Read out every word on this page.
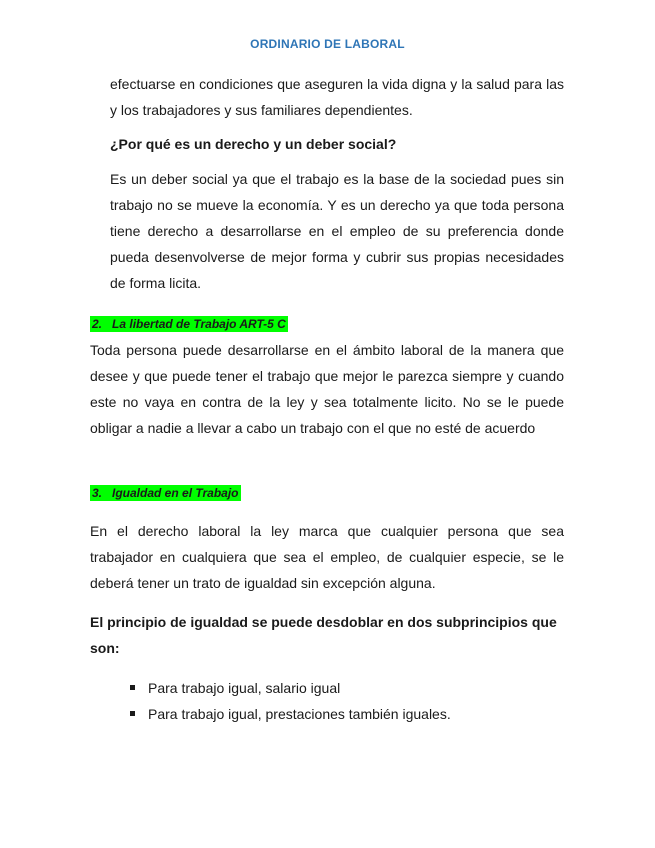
ORDINARIO DE LABORAL
efectuarse en condiciones que aseguren la vida digna y la salud para las y los trabajadores y sus familiares dependientes.
¿Por qué es un derecho y un deber social?
Es un deber social ya que el trabajo es la base de la sociedad pues sin trabajo no se mueve la economía. Y es un derecho ya que toda persona tiene derecho a desarrollarse en el empleo de su preferencia donde pueda desenvolverse de mejor forma y cubrir sus propias necesidades de forma licita.
2. La libertad de Trabajo ART-5 C
Toda persona puede desarrollarse en el ámbito laboral de la manera que desee y que puede tener el trabajo que mejor le parezca siempre y cuando este no vaya en contra de la ley y sea totalmente licito. No se le puede obligar a nadie a llevar a cabo un trabajo con el que no esté de acuerdo
3. Igualdad en el Trabajo
En el derecho laboral la ley marca que cualquier persona que sea trabajador en cualquiera que sea el empleo, de cualquier especie, se le deberá tener un trato de igualdad sin excepción alguna.
El principio de igualdad se puede desdoblar en dos subprincipios que son:
Para trabajo igual, salario igual
Para trabajo igual, prestaciones también iguales.
